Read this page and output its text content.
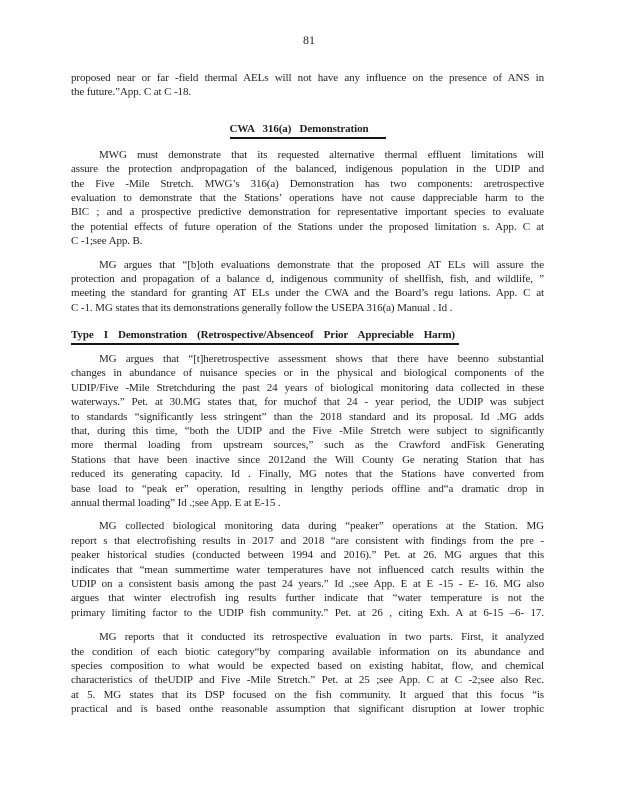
81
proposed near or far -field thermal AELs will not have any influence on the presence of ANS in
the future.”App. C at C -18.
CWA 316(a) Demonstration
MWG must demonstrate that its requested alternative thermal effluent limitations will
assure the protection andpropagation of the balanced, indigenous population in the UDIP and
the Five -Mile Stretch. MWG’s 316(a) Demonstration has two components: aretrospective
evaluation to demonstrate that the Stations’ operations have not cause dappreciable harm to the
BIC ; and a prospective predictive demonstration for representative important species to evaluate
the potential effects of future operation of the Stations under the proposed limitation s. App. C at
C -1;see App. B.
MG argues that “[b]oth evaluations demonstrate that the proposed AT ELs will assure the
protection and propagation of a balance d, indigenous community of shellfish, fish, and wildlife, ”
meeting the standard for granting AT ELs under the CWA and the Board’s regu lations. App. C at
C -1. MG states that its demonstrations generally follow the USEPA 316(a) Manual . Id .
Type I Demonstration (Retrospective/Absenceof Prior Appreciable Harm)
MG argues that “[t]heretrospective assessment shows that there have beenno substantial
changes in abundance of nuisance species or in the physical and biological components of the
UDIP/Five -Mile Stretchduring the past 24 years of biological monitoring data collected in these
waterways.” Pet. at 30.MG states that, for muchof that 24 - year period, the UDIP was subject
to standards “significantly less stringent” than the 2018 standard and its proposal. Id .MG adds
that, during this time, “both the UDIP and the Five -Mile Stretch were subject to significantly
more thermal loading from upstream sources,” such as the Crawford andFisk Generating
Stations that have been inactive since 2012and the Will County Ge nerating Station that has
reduced its generating capacity. Id . Finally, MG notes that the Stations have converted from
base load to “peak er” operation, resulting in lengthy periods offline and“a dramatic drop in
annual thermal loading” Id .;see App. E at E-15 .
MG collected biological monitoring data during “peaker” operations at the Station. MG
report s that electrofishing results in 2017 and 2018 “are consistent with findings from the pre -
peaker historical studies (conducted between 1994 and 2016).” Pet. at 26. MG argues that this
indicates that “mean summertime water temperatures have not influenced catch results within the
UDIP on a consistent basis among the past 24 years.” Id .;see App. E at E -15 - E- 16. MG also
argues that winter electrofish ing results further indicate that “water temperature is not the
primary limiting factor to the UDIP fish community.” Pet. at 26 , citing Exh. A at 6-15 –6- 17.
MG reports that it conducted its retrospective evaluation in two parts. First, it analyzed
the condition of each biotic category“by comparing available information on its abundance and
species composition to what would be expected based on existing habitat, flow, and chemical
characteristics of theUDIP and Five -Mile Stretch.” Pet. at 25 ;see App. C at C -2;see also Rec.
at 5. MG states that its DSP focused on the fish community. It argued that this focus “is
practical and is based onthe reasonable assumption that significant disruption at lower trophic
